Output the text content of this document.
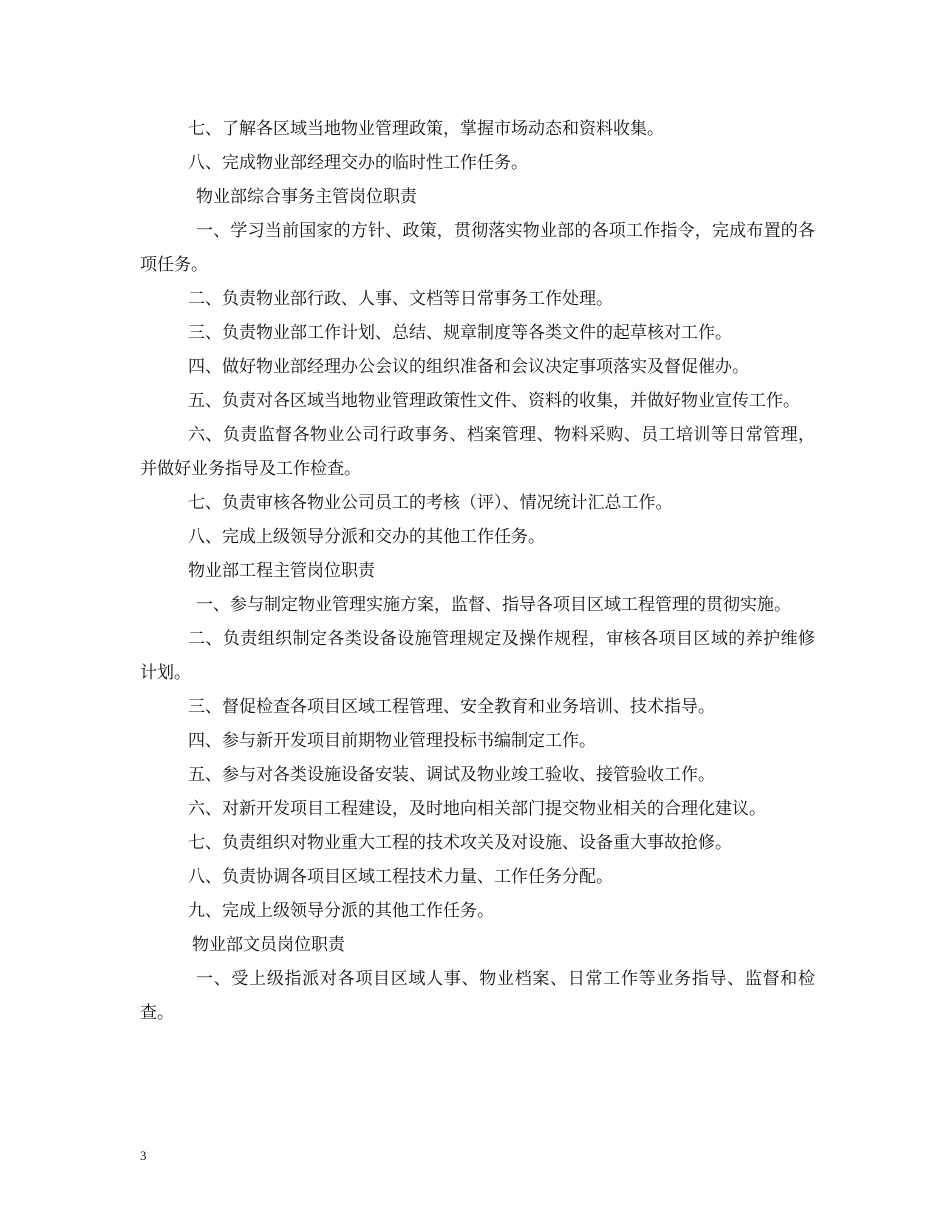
七、了解各区域当地物业管理政策，掌握市场动态和资料收集。

八、完成物业部经理交办的临时性工作任务。

物业部综合事务主管岗位职责

一、学习当前国家的方针、政策，贯彻落实物业部的各项工作指令，完成布置的各项任务。

二、负责物业部行政、人事、文档等日常事务工作处理。

三、负责物业部工作计划、总结、规章制度等各类文件的起草核对工作。

四、做好物业部经理办公会议的组织准备和会议决定事项落实及督促催办。

五、负责对各区域当地物业管理政策性文件、资料的收集，并做好物业宣传工作。

六、负责监督各物业公司行政事务、档案管理、物料采购、员工培训等日常管理，并做好业务指导及工作检查。

七、负责审核各物业公司员工的考核（评）、情况统计汇总工作。

八、完成上级领导分派和交办的其他工作任务。

物业部工程主管岗位职责

一、参与制定物业管理实施方案，监督、指导各项目区域工程管理的贯彻实施。

二、负责组织制定各类设备设施管理规定及操作规程，审核各项目区域的养护维修计划。

三、督促检查各项目区域工程管理、安全教育和业务培训、技术指导。

四、参与新开发项目前期物业管理投标书编制定工作。

五、参与对各类设施设备安装、调试及物业竣工验收、接管验收工作。

六、对新开发项目工程建设，及时地向相关部门提交物业相关的合理化建议。

七、负责组织对物业重大工程的技术攻关及对设施、设备重大事故抢修。

八、负责协调各项目区域工程技术力量、工作任务分配。

九、完成上级领导分派的其他工作任务。

物业部文员岗位职责

一、受上级指派对各项目区域人事、物业档案、日常工作等业务指导、监督和检查。

3
